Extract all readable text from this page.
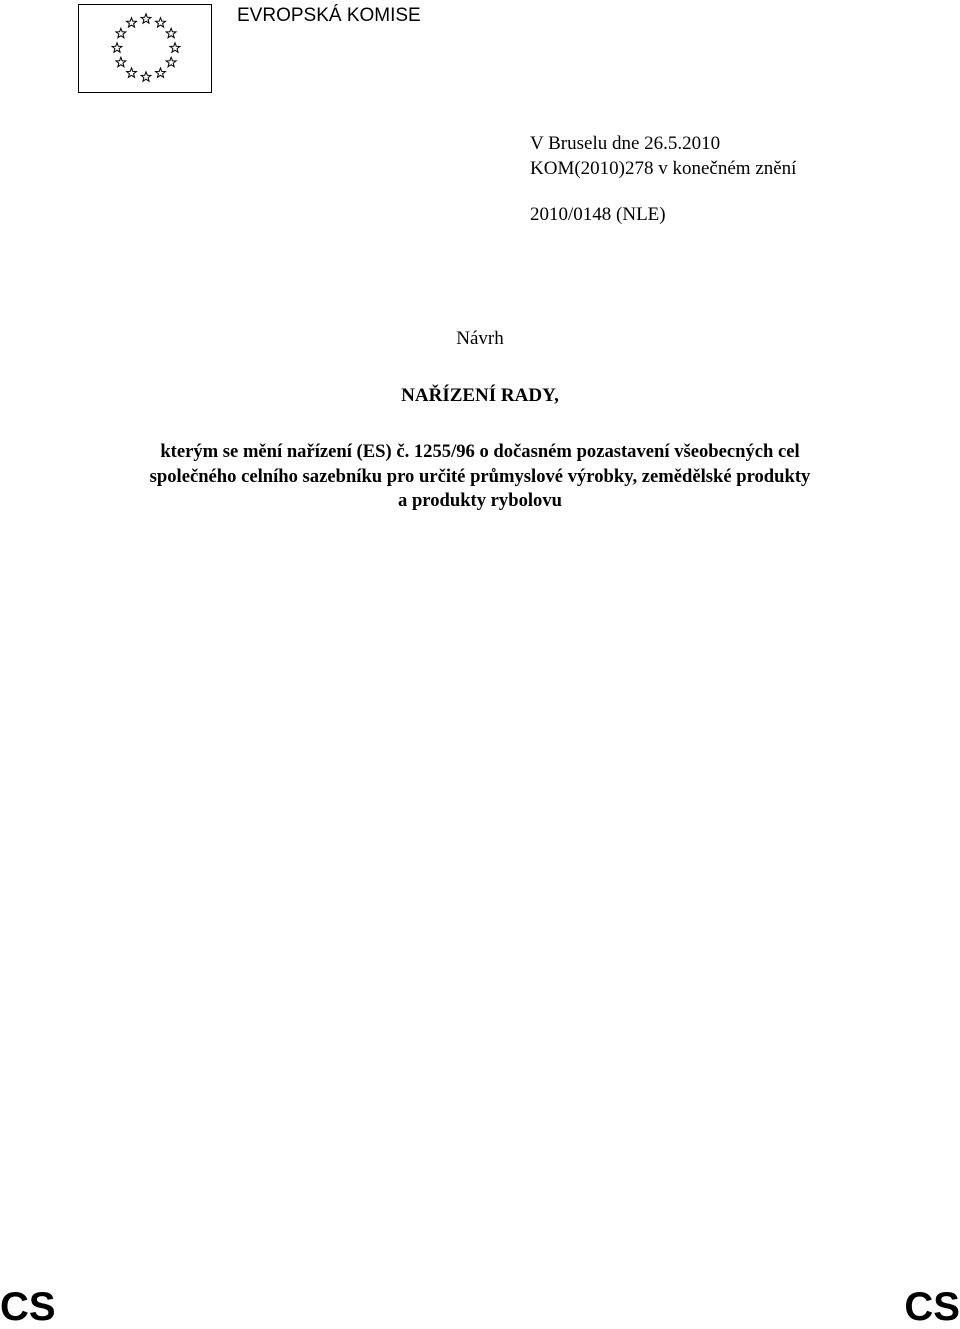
EVROPSKÁ KOMISE
V Bruselu dne 26.5.2010
KOM(2010)278 v konečném znění
2010/0148 (NLE)
Návrh
NAŘÍZENÍ RADY,
kterým se mění nařízení (ES) č. 1255/96 o dočasném pozastavení všeobecných cel
společného celního sazebníku pro určité průmyslové výrobky, zemědělské produkty
a produkty rybolovu
CS	CS
